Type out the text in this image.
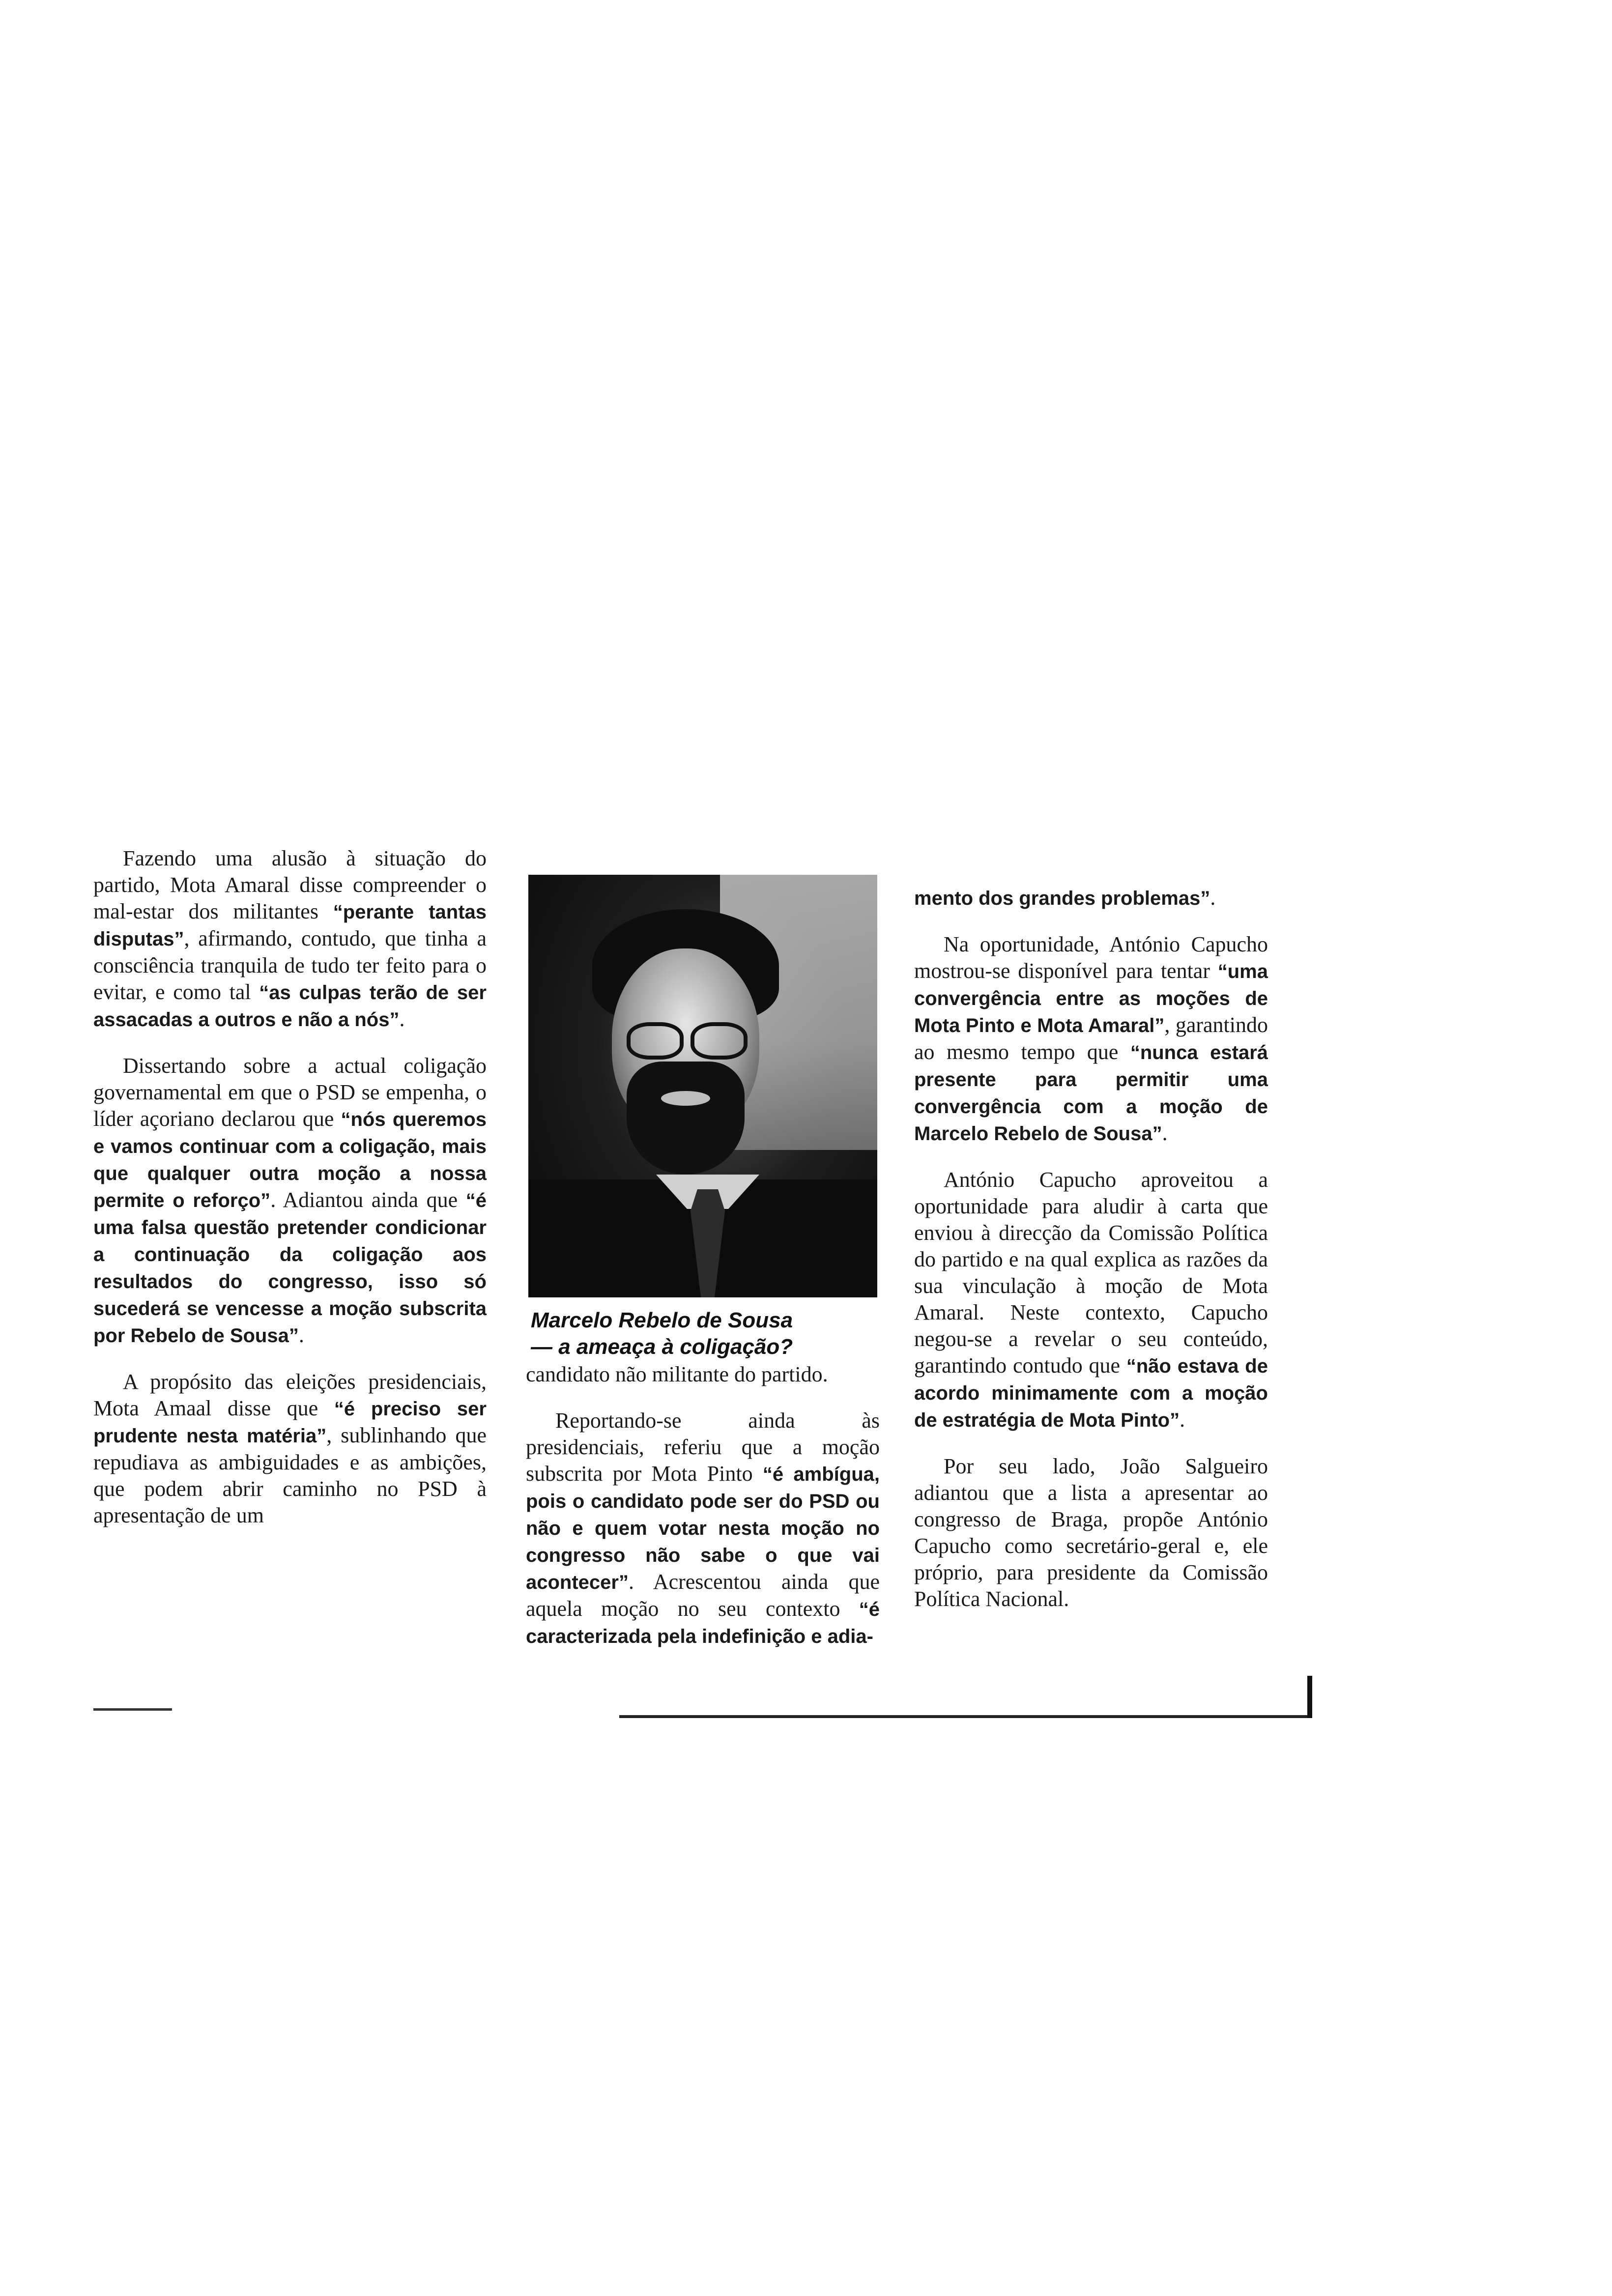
Fazendo uma alusão à situação do partido, Mota Amaral disse compreender o mal-estar dos militantes “perante tantas disputas”, afirmando, contudo, que tinha a consciência tranquila de tudo ter feito para o evitar, e como tal “as culpas terão de ser assacadas a outros e não a nós”.

Dissertando sobre a actual coligação governamental em que o PSD se empenha, o líder açoriano declarou que “nós queremos e vamos continuar com a coligação, mais que qualquer outra moção a nossa permite o reforço”. Adiantou ainda que “é uma falsa questão pretender condicionar a continuação da coligação aos resultados do congresso, isso só sucederá se vencesse a moção subscrita por Rebelo de Sousa”.

A propósito das eleições presidenciais, Mota Amaal disse que “é preciso ser prudente nesta matéria”, sublinhando que repudiava as ambiguidades e as ambições, que podem abrir caminho no PSD à apresentação de um

Marcelo Rebelo de Sousa
— a ameaça à coligação?

candidato não militante do partido.

Reportando-se ainda às presidenciais, referiu que a moção subscrita por Mota Pinto “é ambígua, pois o candidato pode ser do PSD ou não e quem votar nesta moção no congresso não sabe o que vai acontecer”. Acrescentou ainda que aquela moção no seu contexto “é caracterizada pela indefinição e adia-

mento dos grandes problemas”.

Na oportunidade, António Capucho mostrou-se disponível para tentar “uma convergência entre as moções de Mota Pinto e Mota Amaral”, garantindo ao mesmo tempo que “nunca estará presente para permitir uma convergência com a moção de Marcelo Rebelo de Sousa”.

António Capucho aproveitou a oportunidade para aludir à carta que enviou à direcção da Comissão Política do partido e na qual explica as razões da sua vinculação à moção de Mota Amaral. Neste contexto, Capucho negou-se a revelar o seu conteúdo, garantindo contudo que “não estava de acordo minimamente com a moção de estratégia de Mota Pinto”.

Por seu lado, João Salgueiro adiantou que a lista a apresentar ao congresso de Braga, propõe António Capucho como secretário-geral e, ele próprio, para presidente da Comissão Política Nacional.
